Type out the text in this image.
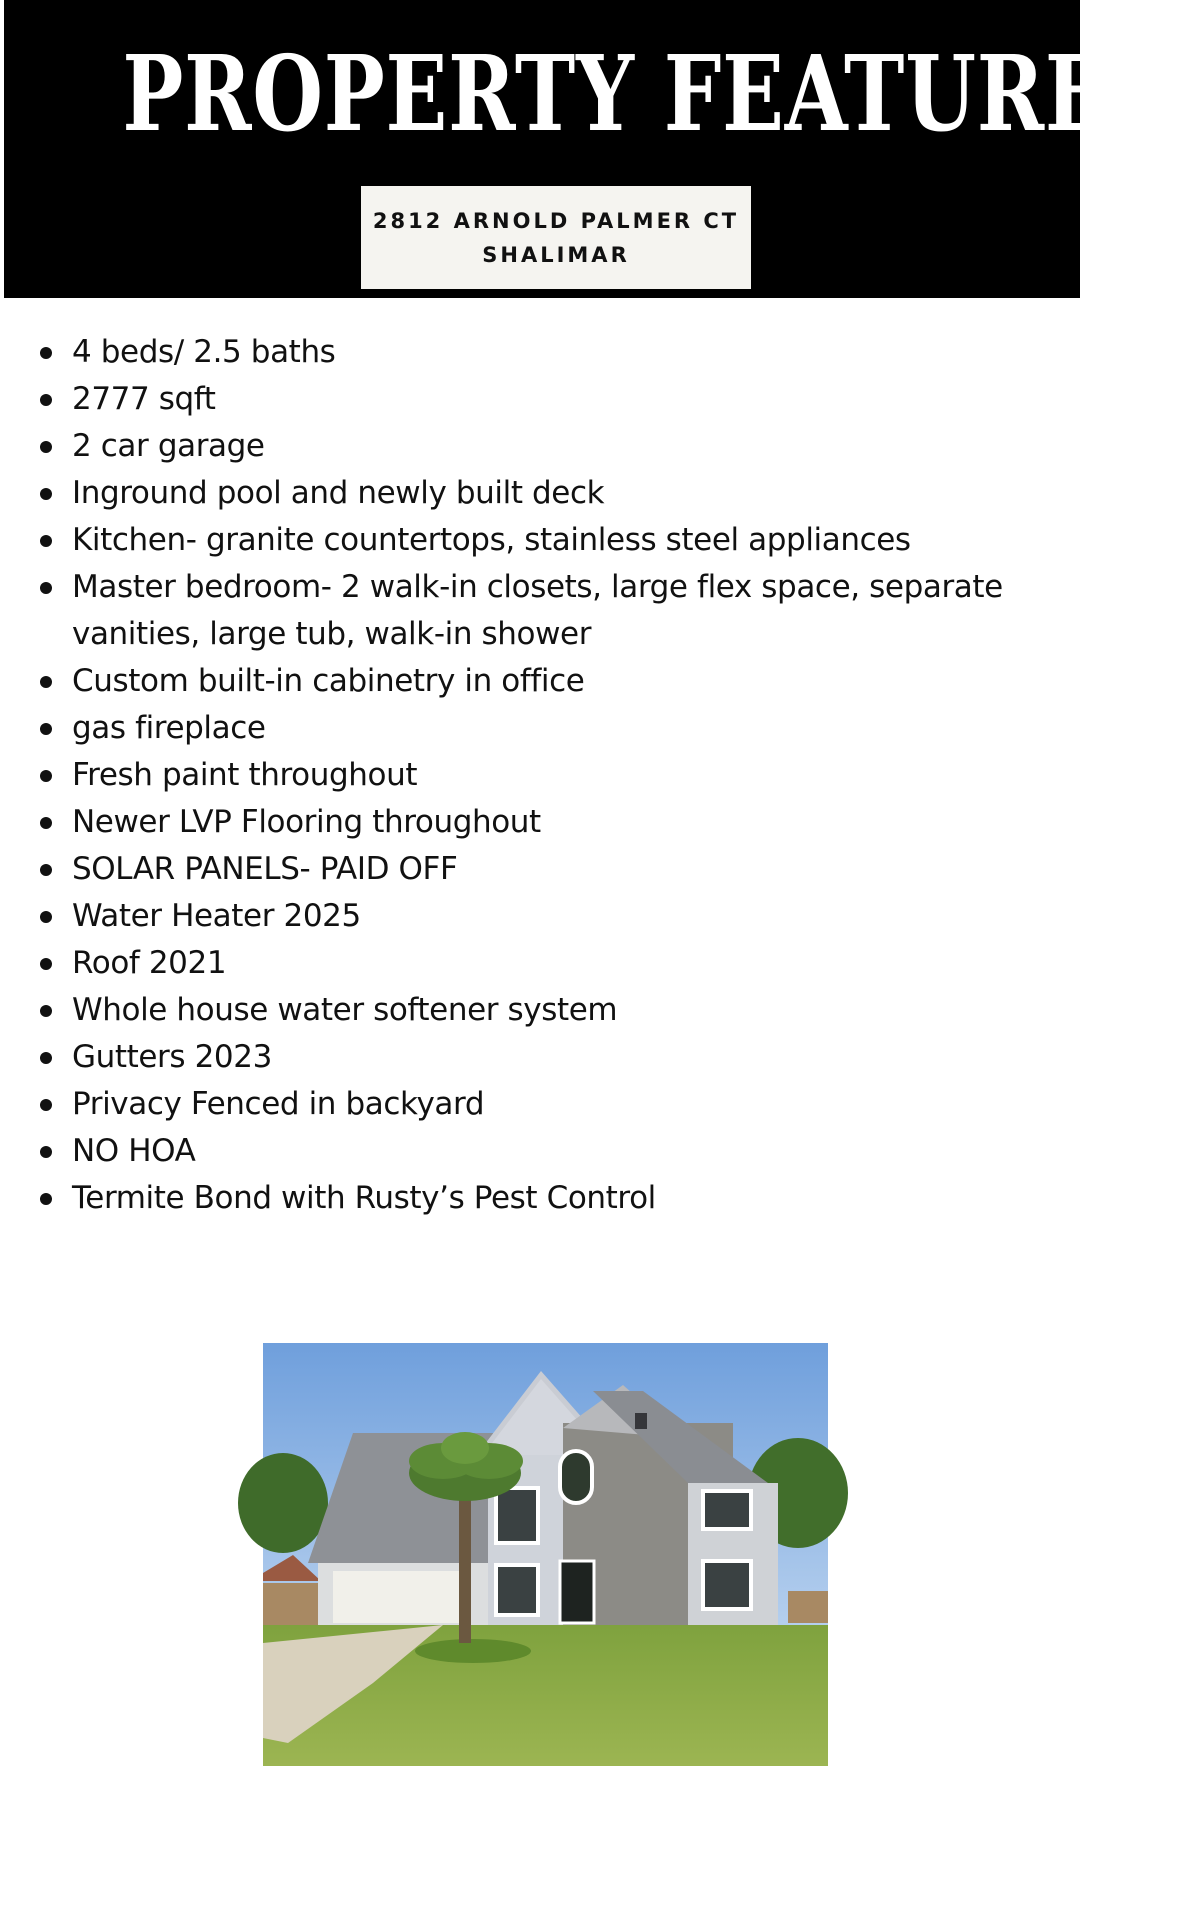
PROPERTY FEATURES:
2812 ARNOLD PALMER CT
SHALIMAR
4 beds/ 2.5 baths
2777 sqft
2 car garage
Inground pool and newly built deck
Kitchen- granite countertops, stainless steel appliances
Master bedroom- 2 walk-in closets, large flex space, separate vanities, large tub, walk-in shower
Custom built-in cabinetry in office
gas fireplace
Fresh paint throughout
Newer LVP Flooring throughout
SOLAR PANELS- PAID OFF
Water Heater 2025
Roof 2021
Whole house water softener system
Gutters 2023
Privacy Fenced in backyard
NO HOA
Termite Bond with Rusty’s Pest Control
